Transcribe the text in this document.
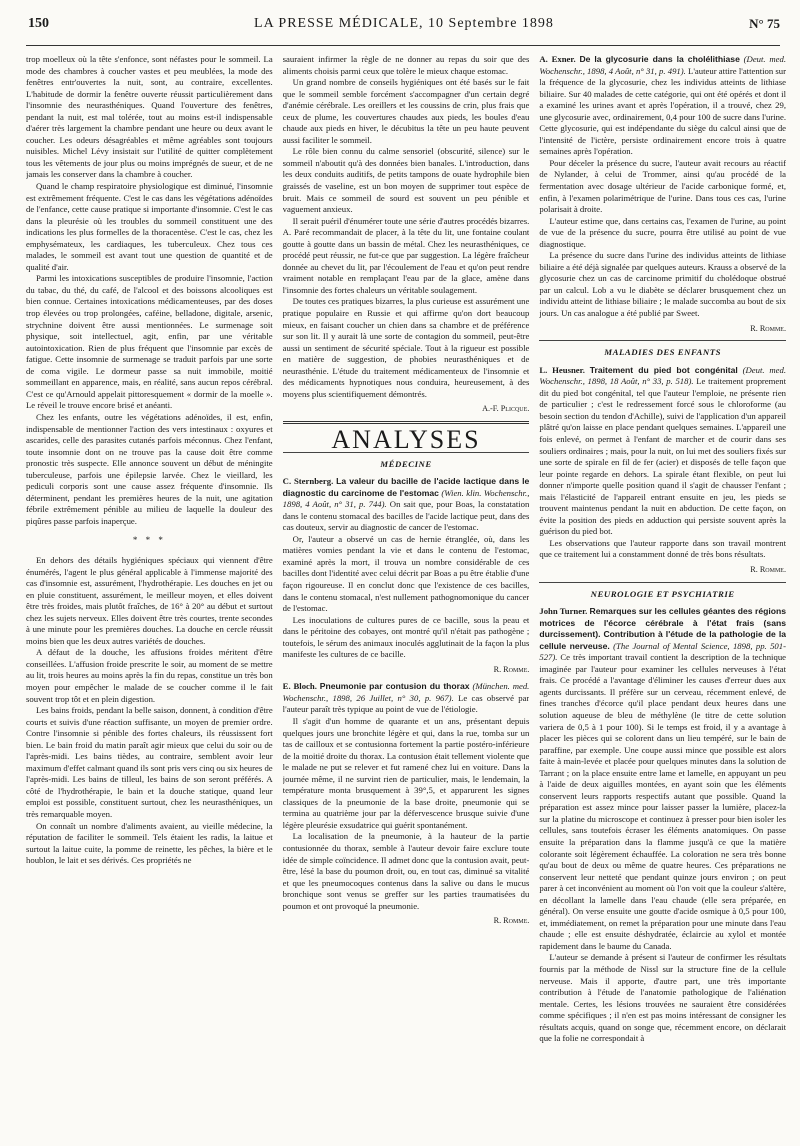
150	LA PRESSE MÉDICALE, 10 Septembre 1898	N° 75

trop moelleux où la tête s'enfonce, sont néfastes pour le sommeil. La mode des chambres à coucher vastes et peu meublées, la mode des fenêtres entr'ouvertes la nuit, sont, au contraire, excellentes. L'habitude de dormir la fenêtre ouverte réussit particulièrement dans l'insomnie des neurasthéniques. Quand l'ouverture des fenêtres, pendant la nuit, est mal tolérée, tout au moins est-il indispensable d'aérer très largement la chambre pendant une heure ou deux avant le coucher. Les odeurs désagréables et même agréables sont toujours nuisibles. Michel Lévy insistait sur l'utilité de quitter complètement tous les vêtements de jour plus ou moins imprégnés de sueur, et de ne jamais les conserver dans la chambre à coucher.

Quand le champ respiratoire physiologique est diminué, l'insomnie est extrêmement fréquente. C'est le cas dans les végétations adénoïdes de l'enfance, cette cause pratique si importante d'insomnie. C'est le cas dans la pleurésie où les troubles du sommeil constituent une des indications les plus formelles de la thoracentèse. C'est le cas, chez les emphysémateux, les cardiaques, les tuberculeux. Chez tous ces malades, le sommeil est avant tout une question de quantité et de qualité d'air.

Parmi les intoxications susceptibles de produire l'insomnie, l'action du tabac, du thé, du café, de l'alcool et des boissons alcooliques est bien connue. Certaines intoxications médicamenteuses, par des doses trop élevées ou trop prolongées, caféine, belladone, digitale, arsenic, strychnine doivent être aussi mentionnées. Le surmenage soit physique, soit intellectuel, agit, enfin, par une véritable autointoxication. Rien de plus fréquent que l'insomnie par excès de fatigue. Cette insomnie de surmenage se traduit parfois par une sorte de coma vigile. Le dormeur passe sa nuit immobile, moitié sommeillant en apparence, mais, en réalité, sans aucun repos cérébral. C'est ce qu'Arnould appelait pittoresquement « dormir de la moelle ». Le réveil le trouve encore brisé et anéanti.

Chez les enfants, outre les végétations adénoïdes, il est, enfin, indispensable de mentionner l'action des vers intestinaux : oxyures et ascarides, celle des parasites cutanés parfois méconnus. Chez l'enfant, toute insomnie dont on ne trouve pas la cause doit être comme pronostic très suspecte. Elle annonce souvent un début de méningite tuberculeuse, parfois une épilepsie larvée. Chez le vieillard, les pediculi corporis sont une cause assez fréquente d'insomnie. Ils déterminent, pendant les premières heures de la nuit, une agitation fébrile extrêmement pénible au milieu de laquelle la douleur des piqûres passe parfois inaperçue.

* * *

En dehors des détails hygiéniques spéciaux qui viennent d'être énumérés, l'agent le plus général applicable à l'immense majorité des cas d'insomnie est, assurément, l'hydrothérapie. Les douches en jet ou en pluie constituent, assurément, le meilleur moyen, et elles doivent être très froides, mais plutôt fraîches, de 16° à 20° au début et surtout chez les sujets nerveux. Elles doivent être très courtes, trente secondes à une minute pour les premières douches. La douche en cercle réussit moins bien que les deux autres variétés de douches.

A défaut de la douche, les affusions froides méritent d'être conseillées. L'affusion froide prescrite le soir, au moment de se mettre au lit, trois heures au moins après la fin du repas, constitue un très bon moyen pour empêcher le malade de se coucher comme il le fait souvent trop tôt et en plein digestion.

Les bains froids, pendant la belle saison, donnent, à condition d'être courts et suivis d'une réaction suffisante, un moyen de premier ordre. Contre l'insomnie si pénible des fortes chaleurs, ils réussissent fort bien. Le bain froid du matin paraît agir mieux que celui du soir ou de l'après-midi. Les bains tièdes, au contraire, semblent avoir leur maximum d'effet calmant quand ils sont pris vers cinq ou six heures de l'après-midi. Les bains de tilleul, les bains de son seront préférés. A côté de l'hydrothérapie, le bain et la douche statique, quand leur emploi est possible, constituent surtout, chez les neurasthéniques, un très remarquable moyen.

On connaît un nombre d'aliments avaient, au vieille médecine, la réputation de faciliter le sommeil. Tels étaient les radis, la laitue et surtout la laitue cuite, la pomme de reinette, les pêches, la bière et le houblon, le lait et ses dérivés. Ces propriétés ne

sauraient infirmer la règle de ne donner au repas du soir que des aliments choisis parmi ceux que tolère le mieux chaque estomac.

Un grand nombre de conseils hygiéniques ont été basés sur le fait que le sommeil semble forcément s'accompagner d'un certain degré d'anémie cérébrale. Les oreillers et les coussins de crin, plus frais que ceux de plume, les couvertures chaudes aux pieds, les boules d'eau chaude aux pieds en hiver, le décubitus la tête un peu haute peuvent aussi faciliter le sommeil.

Le rôle bien connu du calme sensoriel (obscurité, silence) sur le sommeil n'aboutit qu'à des données bien banales. L'introduction, dans les deux conduits auditifs, de petits tampons de ouate hydrophile bien graissés de vaseline, est un bon moyen de supprimer tout espèce de bruit. Mais ce sommeil de sourd est souvent un peu pénible et vaguement anxieux.

Il serait puéril d'énumérer toute une série d'autres procédés bizarres. A. Paré recommandait de placer, à la tête du lit, une fontaine coulant goutte à goutte dans un bassin de métal. Chez les neurasthéniques, ce procédé peut réussir, ne fut-ce que par suggestion. La légère fraîcheur donnée au chevet du lit, par l'écoulement de l'eau et qu'on peut rendre vraiment notable en remplaçant l'eau par de la glace, amène dans l'insomnie des fortes chaleurs un véritable soulagement.

De toutes ces pratiques bizarres, la plus curieuse est assurément une pratique populaire en Russie et qui affirme qu'on dort beaucoup mieux, en faisant coucher un chien dans sa chambre et de préférence sur son lit. Il y aurait là une sorte de contagion du sommeil, peut-être aussi un sentiment de sécurité spéciale. Tout à la rigueur est possible en matière de suggestion, de phobies neurasthéniques et de neurasthénie. L'étude du traitement médicamenteux de l'insomnie et des médicaments hypnotiques nous conduira, heureusement, à des moyens plus scientifiquement démontrés.

A.-F. Plicque.
ANALYSES
MÉDECINE

C. Sternberg. La valeur du bacille de l'acide lactique dans le diagnostic du carcinome de l'estomac (Wien. klin. Wochenschr., 1898, 4 Août, n° 31, p. 744). On sait que, pour Boas, la constatation dans le contenu stomacal des bacilles de l'acide lactique peut, dans des cas douteux, servir au diagnostic de cancer de l'estomac.

Or, l'auteur a observé un cas de hernie étranglée, où, dans les matières vomies pendant la vie et dans le contenu de l'estomac, examiné après la mort, il trouva un nombre considérable de ces bacilles dont l'identité avec celui décrit par Boas a pu être établie d'une façon rigoureuse. Il en conclut donc que l'existence de ces bacilles, dans le contenu stomacal, n'est nullement pathognomonique du cancer de l'estomac.

Les inoculations de cultures pures de ce bacille, sous la peau et dans le péritoine des cobayes, ont montré qu'il n'était pas pathogène ; toutefois, le sérum des animaux inoculés agglutinait de la façon la plus manifeste les cultures de ce bacille.

R. Romme.

E. Bloch. Pneumonie par contusion du thorax (München. med. Wochenschr., 1898, 26 Juillet, n° 30, p. 967). Le cas observé par l'auteur paraît très typique au point de vue de l'étiologie.

Il s'agit d'un homme de quarante et un ans, présentant depuis quelques jours une bronchite légère et qui, dans la rue, tomba sur un tas de cailloux et se contusionna fortement la partie postéro-inférieure de la moitié droite du thorax. La contusion était tellement violente que le malade ne put se relever et fut ramené chez lui en voiture. Dans la journée même, il ne survint rien de particulier, mais, le lendemain, la température monta brusquement à 39°,5, et apparurent les signes classiques de la pneumonie de la base droite, pneumonie qui se termina au quatrième jour par la défervescence brusque suivie d'une légère pleurésie exsudatrice qui guérit spontanément.

La localisation de la pneumonie, à la hauteur de la partie contusionnée du thorax, semble à l'auteur devoir faire exclure toute idée de simple coïncidence. Il admet donc que la contusion avait, peut-être, lésé la base du poumon droit, ou, en tout cas, diminué sa vitalité et que les pneumocoques contenus dans la salive ou dans le mucus bronchique sont venus se greffer sur les parties traumatisées du poumon et ont provoqué la pneumonie.

R. Romme.

A. Exner. De la glycosurie dans la cholélithiase (Deut. med. Wochenschr., 1898, 4 Août, n° 31, p. 491). L'auteur attire l'attention sur la fréquence de la glycosurie, chez les individus atteints de lithiase biliaire. Sur 40 malades de cette catégorie, qui ont été opérés et dont il a examiné les urines avant et après l'opération, il a trouvé, chez 29, une glycosurie avec, ordinairement, 0,4 pour 100 de sucre dans l'urine. Cette glycosurie, qui est indépendante du siège du calcul ainsi que de l'intensité de l'ictère, persiste ordinairement encore trois à quatre semaines après l'opération.

Pour déceler la présence du sucre, l'auteur avait recours au réactif de Nylander, à celui de Trommer, ainsi qu'au procédé de la fermentation avec dosage ultérieur de l'acide carbonique formé, et, enfin, à l'examen polarimétrique de l'urine. Dans tous ces cas, l'urine polarisait à droite.

L'auteur estime que, dans certains cas, l'examen de l'urine, au point de vue de la présence du sucre, pourra être utilisé au point de vue diagnostique.

La présence du sucre dans l'urine des individus atteints de lithiase biliaire a été déjà signalée par quelques auteurs. Krauss a observé de la glycosurie chez un cas de carcinome primitif du cholédoque obstrué par un calcul. Lob a vu le diabète se déclarer brusquement chez un individu atteint de lithiase biliaire ; le malade succomba au bout de six jours. Un cas analogue a été publié par Sweet.

R. Romme.
MALADIES DES ENFANTS

L. Heusner. Traitement du pied bot congénital (Deut. med. Wochenschr., 1898, 18 Août, n° 33, p. 518). Le traitement proprement dit du pied bot congénital, tel que l'auteur l'emploie, ne présente rien de particulier ; c'est le redressement forcé sous le chloroforme (au besoin section du tendon d'Achille), suivi de l'application d'un appareil plâtré qu'on laisse en place pendant quelques semaines. L'appareil une fois enlevé, on permet à l'enfant de marcher et de courir dans ses souliers ordinaires ; mais, pour la nuit, on lui met des souliers fixés sur une sorte de spirale en fil de fer (acier) et disposés de telle façon que leur pointe regarde en dehors. La spirale étant flexible, on peut lui donner n'importe quelle position quand il s'agit de chausser l'enfant ; mais l'élasticité de l'appareil entrant ensuite en jeu, les pieds se trouvent maintenus pendant la nuit en abduction. De cette façon, on évite la position des pieds en adduction qui persiste souvent après la guérison du pied bot.

Les observations que l'auteur rapporte dans son travail montrent que ce traitement lui a constamment donné de très bons résultats.

R. Romme.
NEUROLOGIE ET PSYCHIATRIE

John Turner. Remarques sur les cellules géantes des régions motrices de l'écorce cérébrale à l'état frais (sans durcissement). Contribution à l'étude de la pathologie de la cellule nerveuse. (The Journal of Mental Science, 1898, pp. 501-527). Ce très important travail contient la description de la technique imaginée par l'auteur pour examiner les cellules nerveuses à l'état frais. Ce procédé a l'avantage d'éliminer les causes d'erreur dues aux agents durcissants. Il préfère sur un cerveau, récemment enlevé, de fines tranches d'écorce qu'il place pendant deux heures dans une solution aqueuse de bleu de méthylène (le titre de cette solution variera de 0,5 à 1 pour 100). Si le temps est froid, il y a avantage à placer les pièces qui se colorent dans un lieu tempéré, sur le bain de paraffine, par exemple. Une coupe aussi mince que possible est alors faite à main-levée et placée pour quelques minutes dans la solution de Tarrant ; on la place ensuite entre lame et lamelle, en appuyant un peu à l'aide de deux aiguilles montées, en ayant soin que les éléments conservent leurs rapports respectifs autant que possible. Quand la préparation est assez mince pour laisser passer la lumière, placez-la sur la platine du microscope et continuez à presser pour bien isoler les cellules, sans toutefois écraser les éléments anatomiques. On passe ensuite la préparation dans la flamme jusqu'à ce que la matière colorante soit légèrement échauffée. La coloration ne sera très bonne qu'au bout de deux ou même de quatre heures. Ces préparations ne conservent leur netteté que pendant quinze jours environ ; on peut parer à cet inconvénient au moment où l'on voit que la couleur s'altère, en décollant la lamelle dans l'eau chaude (elle sera préparée, en général). On verse ensuite une goutte d'acide osmique à 0,5 pour 100, et, immédiatement, on remet la préparation pour une minute dans l'eau chaude ; elle est ensuite déshydratée, éclaircie au xylol et montée rapidement dans le baume du Canada.

L'auteur se demande à présent si l'auteur de confirmer les résultats fournis par la méthode de Nissl sur la structure fine de la cellule nerveuse. Mais il apporte, d'autre part, une très importante contribution à l'étude de l'anatomie pathologique de l'aliénation mentale. Certes, les lésions trouvées ne sauraient être considérées comme spécifiques ; il n'en est pas moins intéressant de consigner les résultats acquis, quand on songe que, récemment encore, on déclarait que la folie ne correspondait à
